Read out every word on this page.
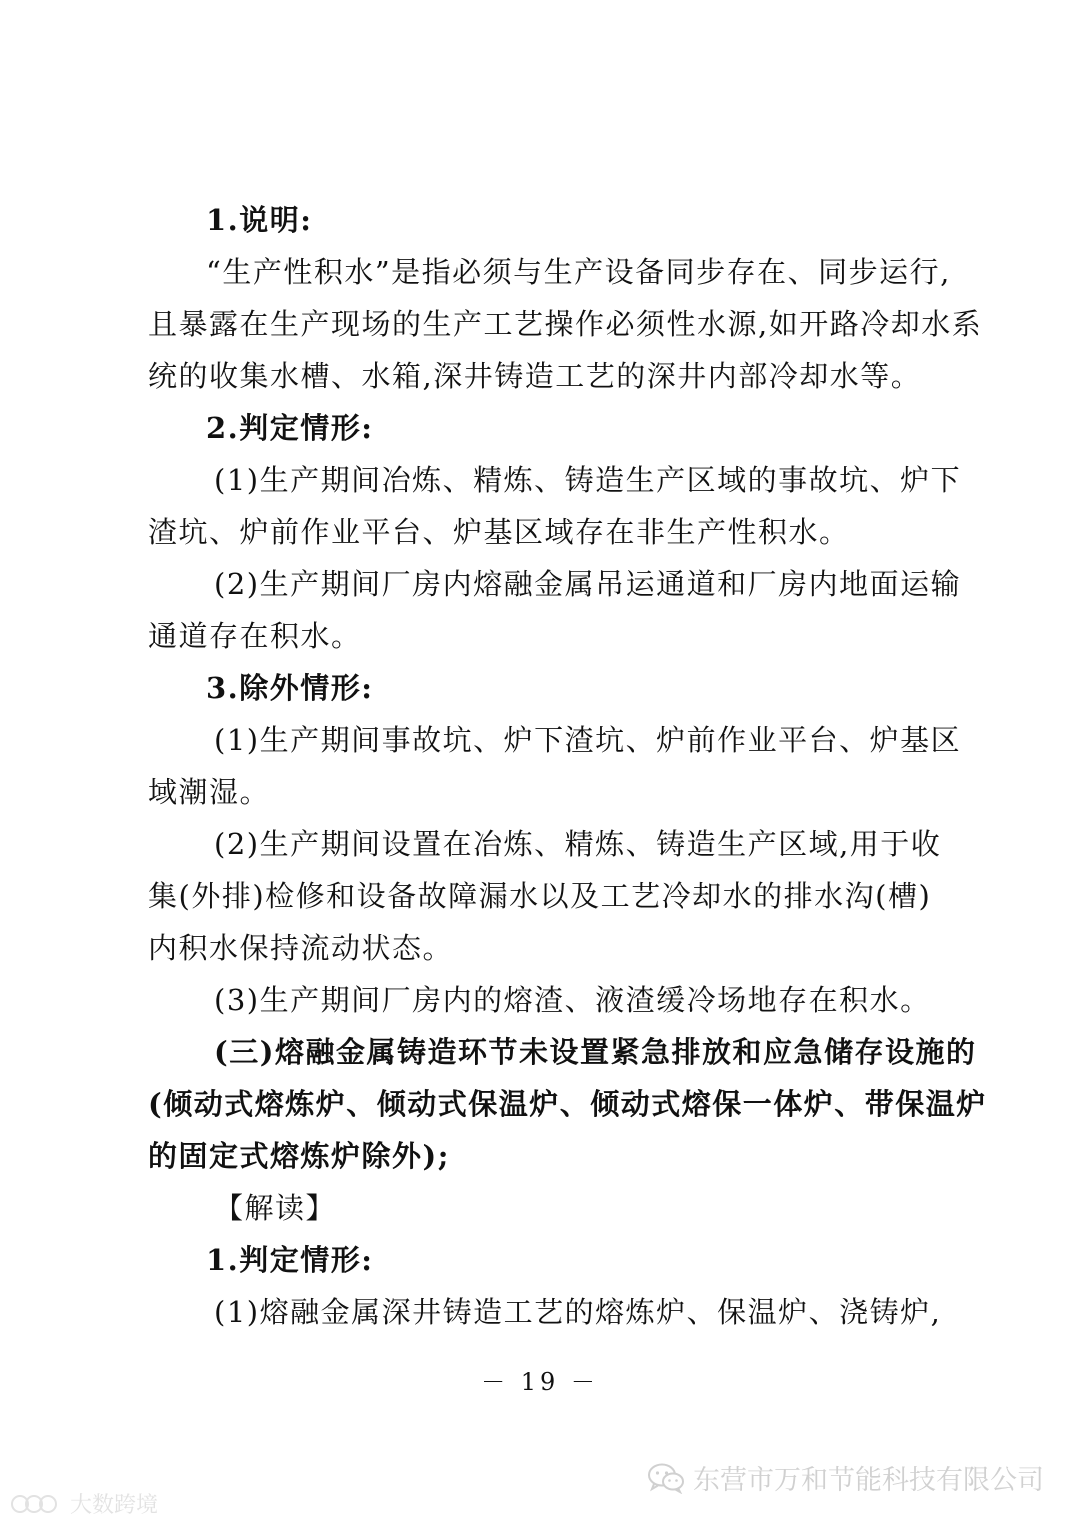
1.说明:
“生产性积水”是指必须与生产设备同步存在、同步运行,
且暴露在生产现场的生产工艺操作必须性水源,如开路冷却水系
统的收集水槽、水箱,深井铸造工艺的深井内部冷却水等。
2.判定情形:
(1)生产期间冶炼、精炼、铸造生产区域的事故坑、炉下
渣坑、炉前作业平台、炉基区域存在非生产性积水。
(2)生产期间厂房内熔融金属吊运通道和厂房内地面运输
通道存在积水。
3.除外情形:
(1)生产期间事故坑、炉下渣坑、炉前作业平台、炉基区
域潮湿。
(2)生产期间设置在冶炼、精炼、铸造生产区域,用于收
集(外排)检修和设备故障漏水以及工艺冷却水的排水沟(槽)
内积水保持流动状态。
(3)生产期间厂房内的熔渣、液渣缓冷场地存在积水。
(三)熔融金属铸造环节未设置紧急排放和应急储存设施的
(倾动式熔炼炉、倾动式保温炉、倾动式熔保一体炉、带保温炉
的固定式熔炼炉除外);
【解读】
1.判定情形:
(1)熔融金属深井铸造工艺的熔炼炉、保温炉、浇铸炉,
－ 19 －
东营市万和节能科技有限公司
大数跨境
